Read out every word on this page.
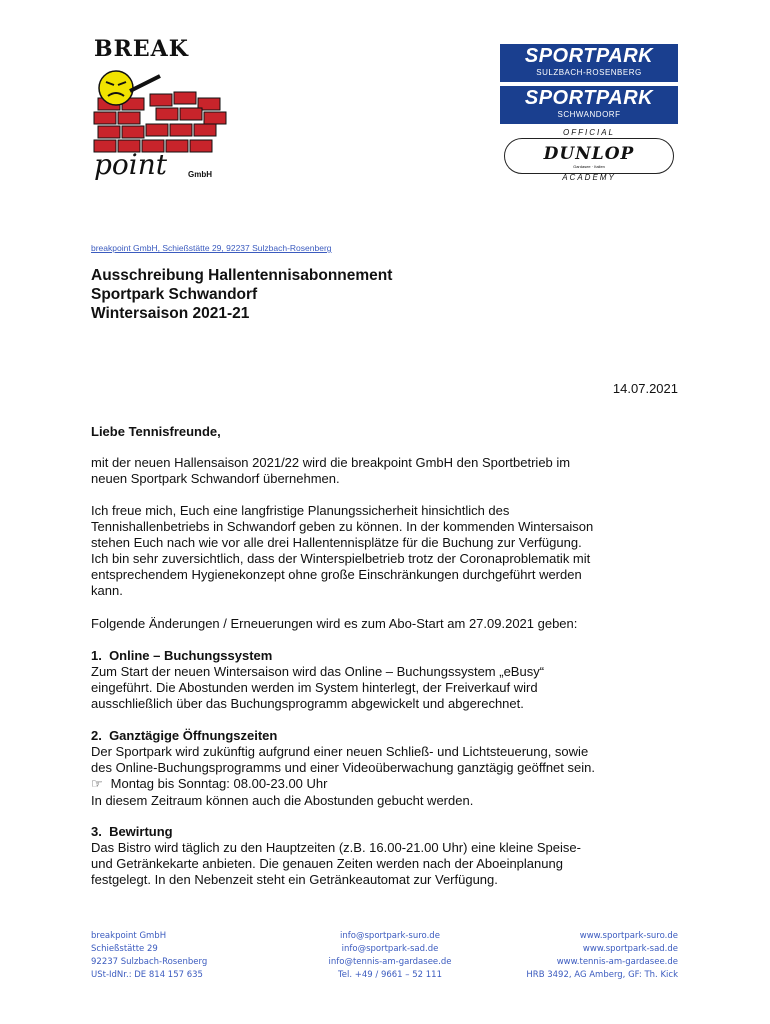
BREAK
point	GmbH
SPORTPARK
SULZBACH-ROSENBERG
SPORTPARK
SCHWANDORF
OFFICIAL
DUNLOP
Gardasee · Italien
ACADEMY
breakpoint GmbH, Schießstätte 29, 92237 Sulzbach-Rosenberg
Ausschreibung Hallentennisabonnement
Sportpark Schwandorf
Wintersaison 2021-21
14.07.2021
Liebe Tennisfreunde,
mit der neuen Hallensaison 2021/22 wird die breakpoint GmbH den Sportbetrieb im
neuen Sportpark Schwandorf übernehmen.
Ich freue mich, Euch eine langfristige Planungssicherheit hinsichtlich des
Tennishallenbetriebs in Schwandorf geben zu können. In der kommenden Wintersaison
stehen Euch nach wie vor alle drei Hallentennisplätze für die Buchung zur Verfügung.
Ich bin sehr zuversichtlich, dass der Winterspielbetrieb trotz der Coronaproblematik mit
entsprechendem Hygienekonzept ohne große Einschränkungen durchgeführt werden
kann.
Folgende Änderungen / Erneuerungen wird es zum Abo-Start am 27.09.2021 geben:
1.  Online – Buchungssystem
Zum Start der neuen Wintersaison wird das Online – Buchungssystem „eBusy“
eingeführt. Die Abostunden werden im System hinterlegt, der Freiverkauf wird
ausschließlich über das Buchungsprogramm abgewickelt und abgerechnet.
2.  Ganztägige Öffnungszeiten
Der Sportpark wird zukünftig aufgrund einer neuen Schließ- und Lichtsteuerung, sowie
des Online-Buchungsprogramms und einer Videoüberwachung ganztägig geöffnet sein.
☞ Montag bis Sonntag: 08.00-23.00 Uhr
In diesem Zeitraum können auch die Abostunden gebucht werden.
3.  Bewirtung
Das Bistro wird täglich zu den Hauptzeiten (z.B. 16.00-21.00 Uhr) eine kleine Speise-
und Getränkekarte anbieten. Die genauen Zeiten werden nach der Aboeinplanung
festgelegt. In den Nebenzeit steht ein Getränkeautomat zur Verfügung.
breakpoint GmbH
Schießstätte 29
92237 Sulzbach-Rosenberg
USt-IdNr.: DE 814 157 635
info@sportpark-suro.de
info@sportpark-sad.de
info@tennis-am-gardasee.de
Tel. +49 / 9661 – 52 111
www.sportpark-suro.de
www.sportpark-sad.de
www.tennis-am-gardasee.de
HRB 3492, AG Amberg, GF: Th. Kick
